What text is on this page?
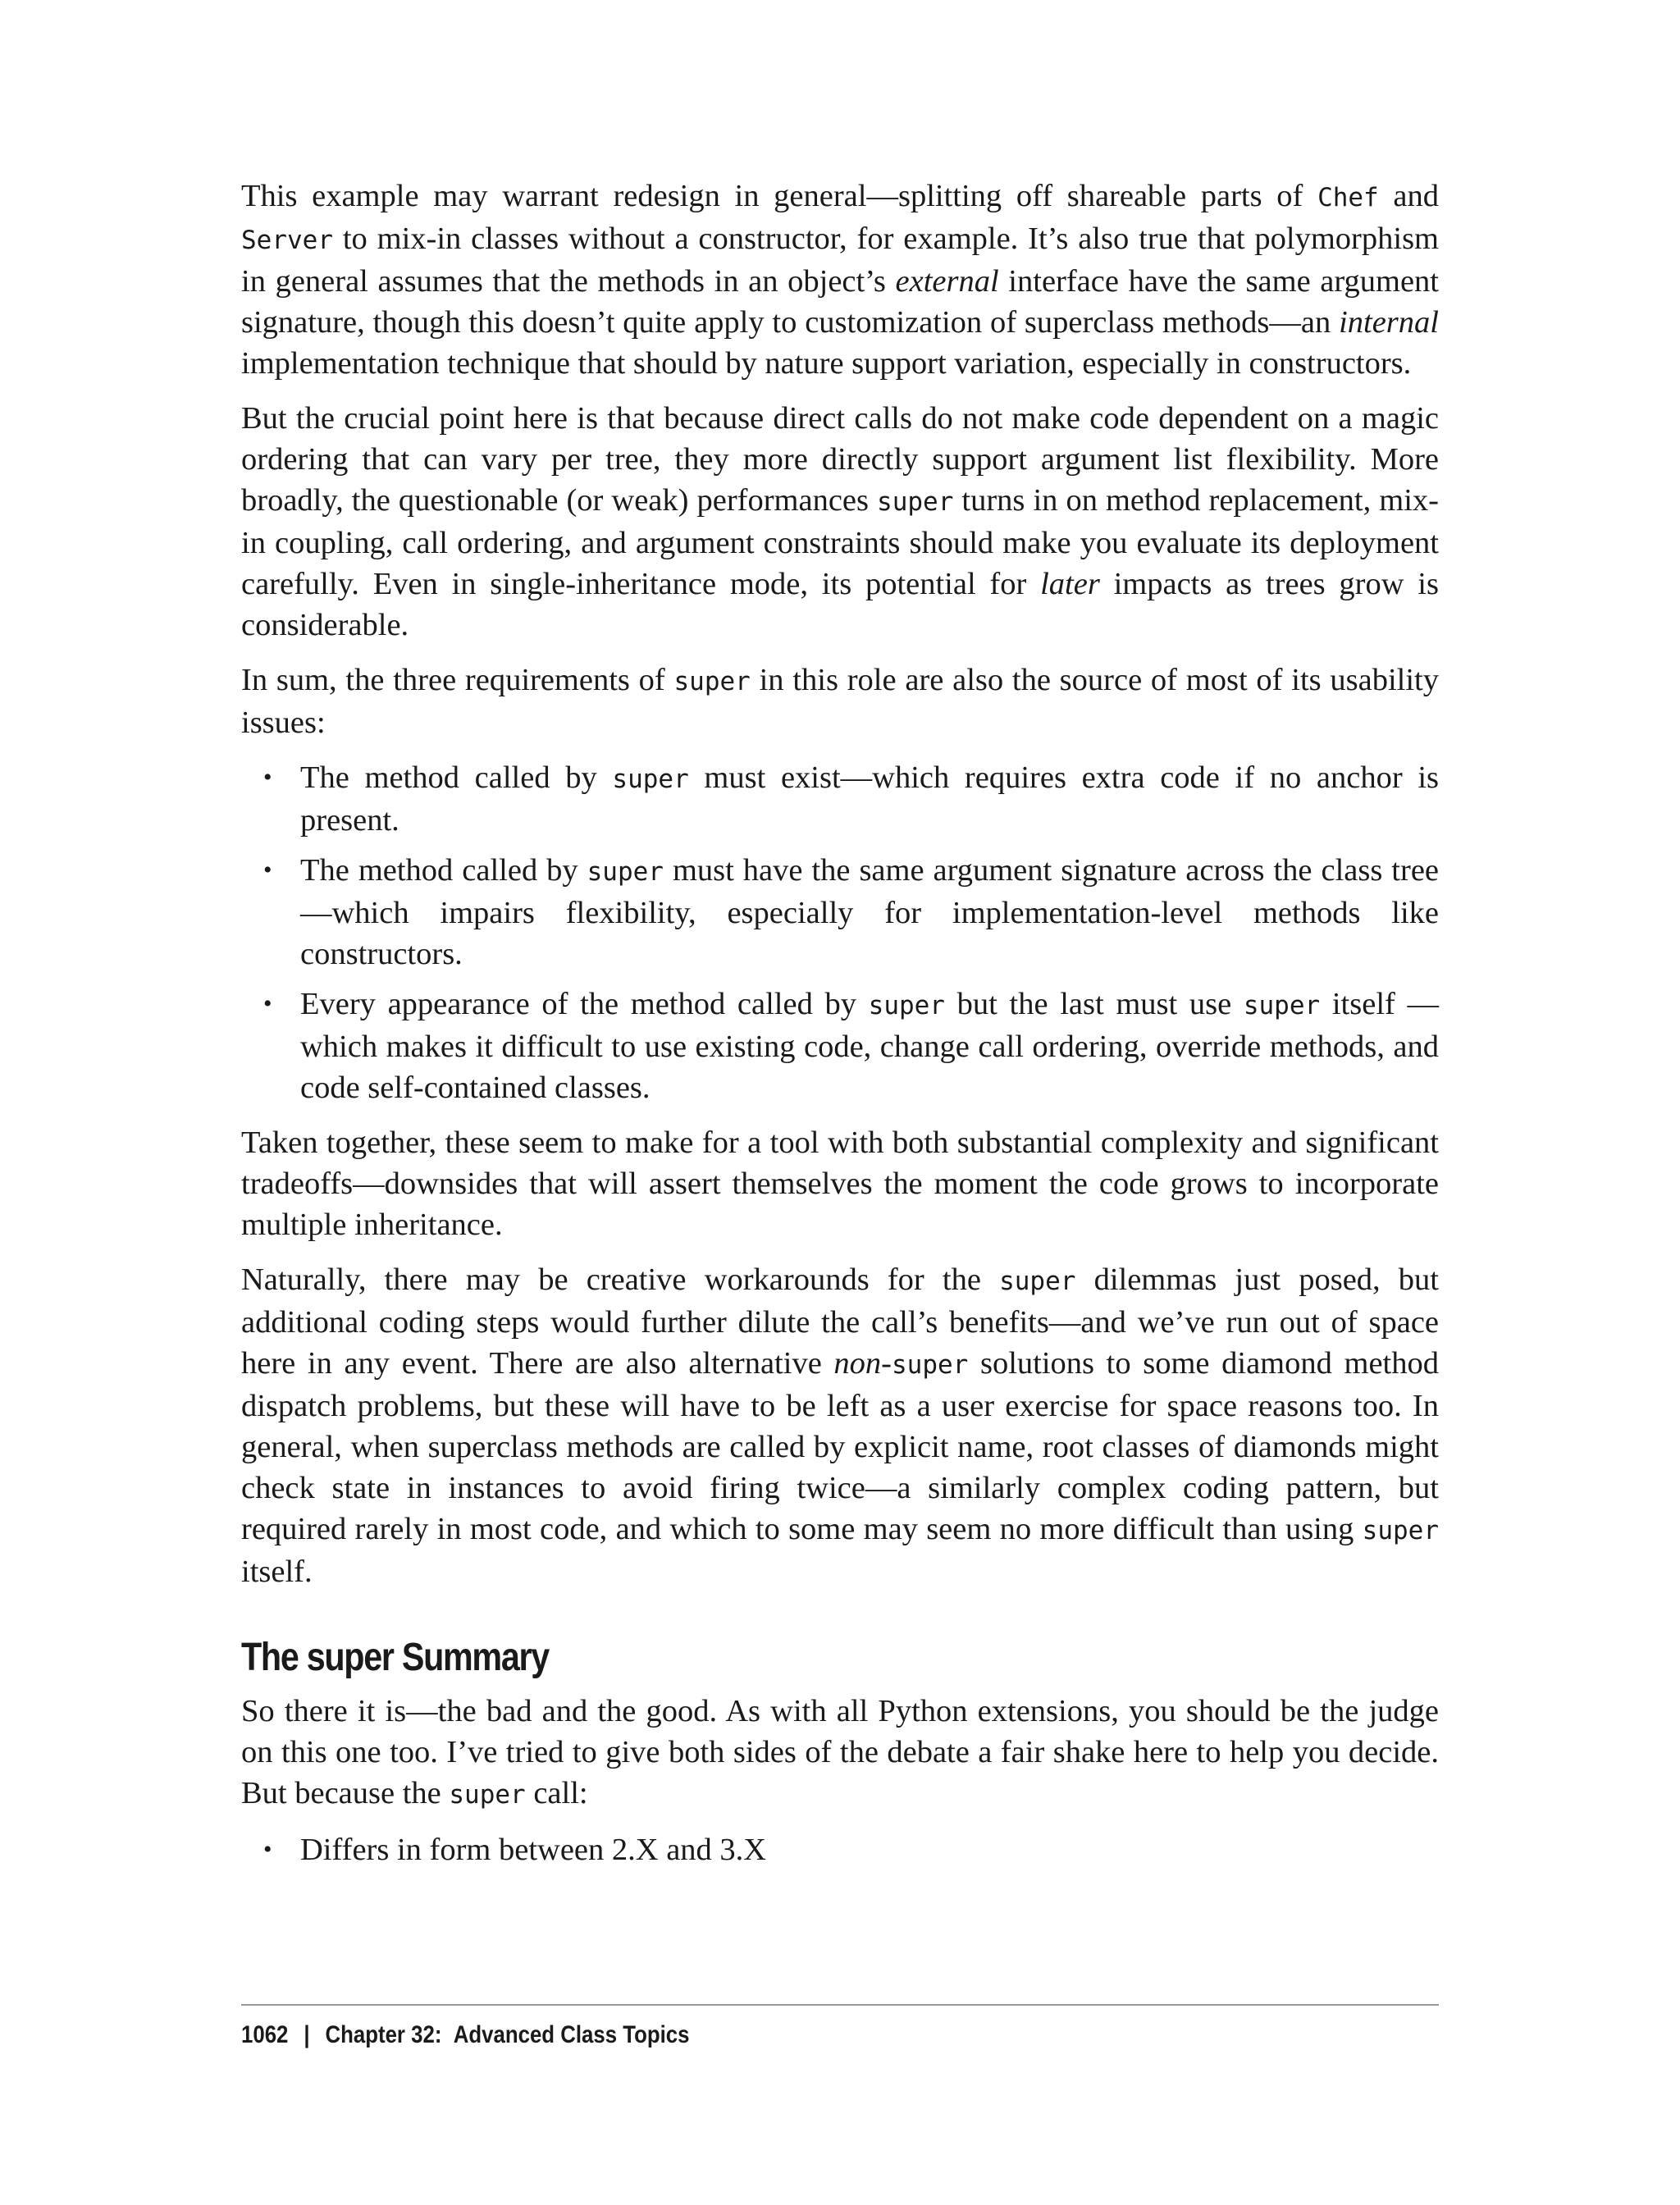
This example may warrant redesign in general—splitting off shareable parts of Chef and Server to mix-in classes without a constructor, for example. It’s also true that polymorphism in general assumes that the methods in an object’s external interface have the same argument signature, though this doesn’t quite apply to customization of superclass methods—an internal implementation technique that should by nature support variation, especially in constructors.

But the crucial point here is that because direct calls do not make code dependent on a magic ordering that can vary per tree, they more directly support argument list flexibility. More broadly, the questionable (or weak) performances super turns in on method replacement, mix-in coupling, call ordering, and argument constraints should make you evaluate its deployment carefully. Even in single-inheritance mode, its potential for later impacts as trees grow is considerable.

In sum, the three requirements of super in this role are also the source of most of its usability issues:

• The method called by super must exist—which requires extra code if no anchor is present.
• The method called by super must have the same argument signature across the class tree—which impairs flexibility, especially for implementation-level methods like constructors.
• Every appearance of the method called by super but the last must use super itself —which makes it difficult to use existing code, change call ordering, override methods, and code self-contained classes.

Taken together, these seem to make for a tool with both substantial complexity and significant tradeoffs—downsides that will assert themselves the moment the code grows to incorporate multiple inheritance.

Naturally, there may be creative workarounds for the super dilemmas just posed, but additional coding steps would further dilute the call’s benefits—and we’ve run out of space here in any event. There are also alternative non-super solutions to some diamond method dispatch problems, but these will have to be left as a user exercise for space reasons too. In general, when superclass methods are called by explicit name, root classes of diamonds might check state in instances to avoid firing twice—a similarly complex coding pattern, but required rarely in most code, and which to some may seem no more difficult than using super itself.

The super Summary

So there it is—the bad and the good. As with all Python extensions, you should be the judge on this one too. I’ve tried to give both sides of the debate a fair shake here to help you decide. But because the super call:

• Differs in form between 2.X and 3.X
1062 | Chapter 32: Advanced Class Topics
